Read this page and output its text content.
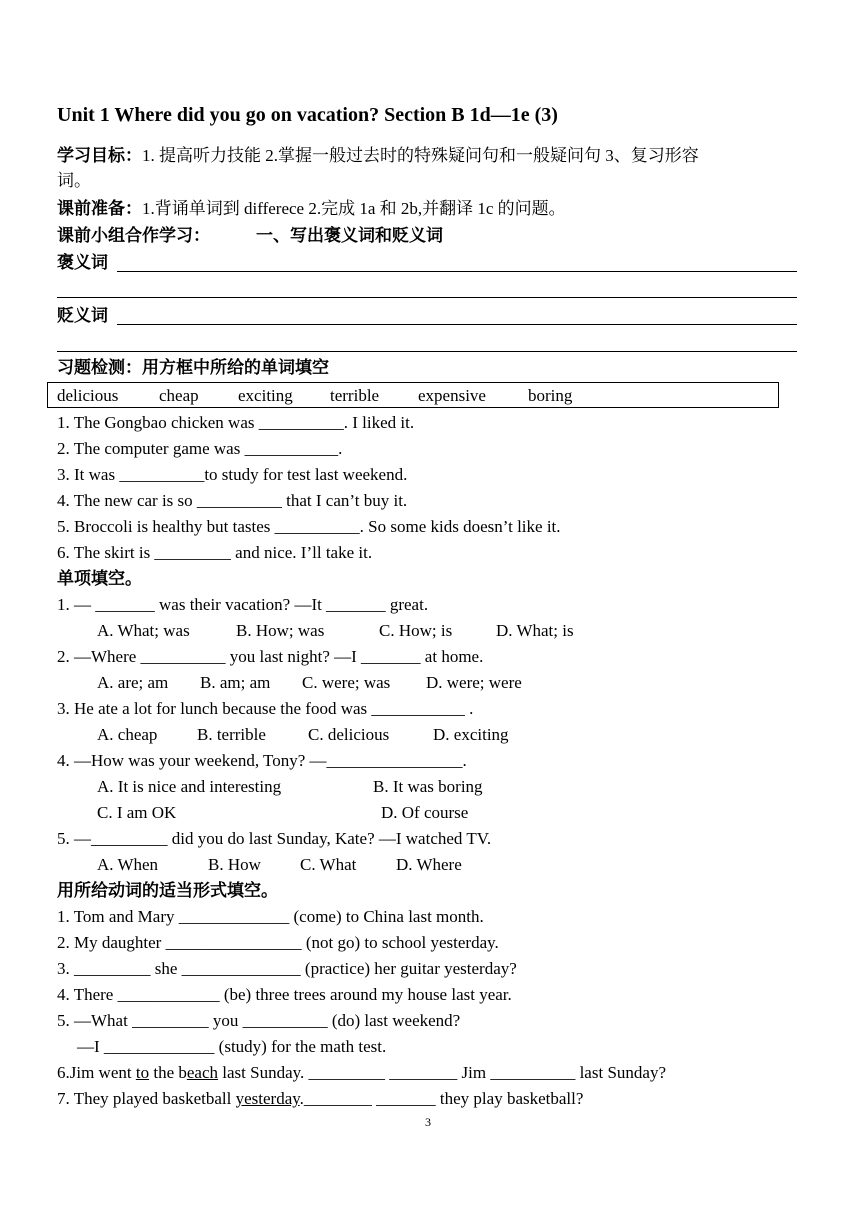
Unit 1 Where did you go on vacation? Section B 1d—1e (3)
学习目标：1. 提高听力技能 2.掌握一般过去时的特殊疑问句和一般疑问句 3、复习形容
词。
课前准备：1.背诵单词到 differece 2.完成 1a 和 2b,并翻译 1c 的问题。
课前小组合作学习：	一、写出褒义词和贬义词
褒义词
贬义词
习题检测：用方框中所给的单词填空
delicious cheap exciting terrible expensive boring
1. The Gongbao chicken was __________. I liked it.
2. The computer game was ___________.
3. It was __________to study for test last weekend.
4. The new car is so __________ that I can’t buy it.
5. Broccoli is healthy but tastes __________. So some kids doesn’t like it.
6. The skirt is _________ and nice. I’ll take it.
单项填空。
1. — _______ was their vacation? —It _______ great.
A. What; was	B. How; was	C. How; is	D. What; is
2. —Where __________ you last night? —I _______ at home.
A. are; am B. am; am C. were; was D. were; were
3. He ate a lot for lunch because the food was ___________ .
A. cheap B. terrible C. delicious	D. exciting
4. —How was your weekend, Tony? —________________.
A. It is nice and interesting	B. It was boring
C. I am OK	D. Of course
5. —_________ did you do last Sunday, Kate? —I watched TV.
A. When	B. How C. What D. Where
用所给动词的适当形式填空。
1. Tom and Mary _____________ (come) to China last month.
2. My daughter ________________ (not go) to school yesterday.
3. _________ she ______________ (practice) her guitar yesterday?
4. There ____________ (be) three trees around my house last year.
5. —What _________ you __________ (do) last weekend?
—I _____________ (study) for the math test.
6.Jim went to the beach last Sunday. _________ ________ Jim __________ last Sunday?
7. They played basketball yesterday.________ _______ they play basketball?
3
